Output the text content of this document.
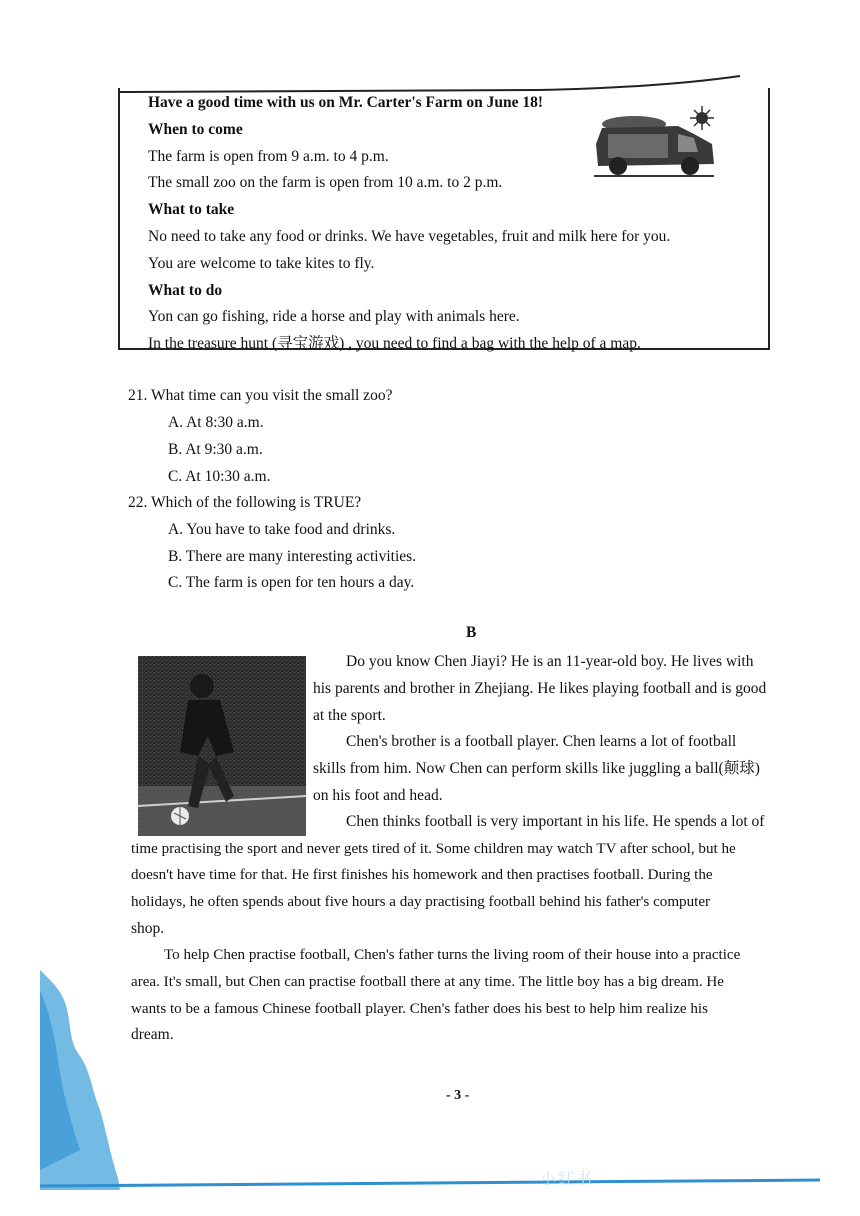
Have a good time with us on Mr. Carter's Farm on June 18!
When to come
The farm is open from 9 a.m. to 4 p.m.
The small zoo on the farm is open from 10 a.m. to 2 p.m.
What to take
No need to take any food or drinks. We have vegetables, fruit and milk here for you.
You are welcome to take kites to fly.
What to do
Yon can go fishing, ride a horse and play with animals here.
In the treasure hunt (寻宝游戏) , you need to find a bag with the help of a map.
21. What time can you visit the small zoo?
A. At 8:30 a.m.
B. At 9:30 a.m.
C. At 10:30 a.m.
22. Which of the following is TRUE?
A. You have to take food and drinks.
B. There are many interesting activities.
C. The farm is open for ten hours a day.
B
Do you know Chen Jiayi? He is an 11-year-old boy. He lives with
his parents and brother in Zhejiang. He likes playing football and is good
at the sport.
Chen's brother is a football player. Chen learns a lot of football
skills from him. Now Chen can perform skills like juggling a ball(颠球)
on his foot and head.
Chen thinks football is very important in his life. He spends a lot of
time practising the sport and never gets tired of it. Some children may watch TV after school, but he
doesn't have time for that. He first finishes his homework and then practises football. During the
holidays, he often spends about five hours a day practising football behind his father's computer
shop.
To help Chen practise football, Chen's father turns the living room of their house into a practice
area. It's small, but Chen can practise football there at any time. The little boy has a big dream. He
wants to be a famous Chinese football player. Chen's father does his best to help him realize his
dream.
- 3 -
小红书
